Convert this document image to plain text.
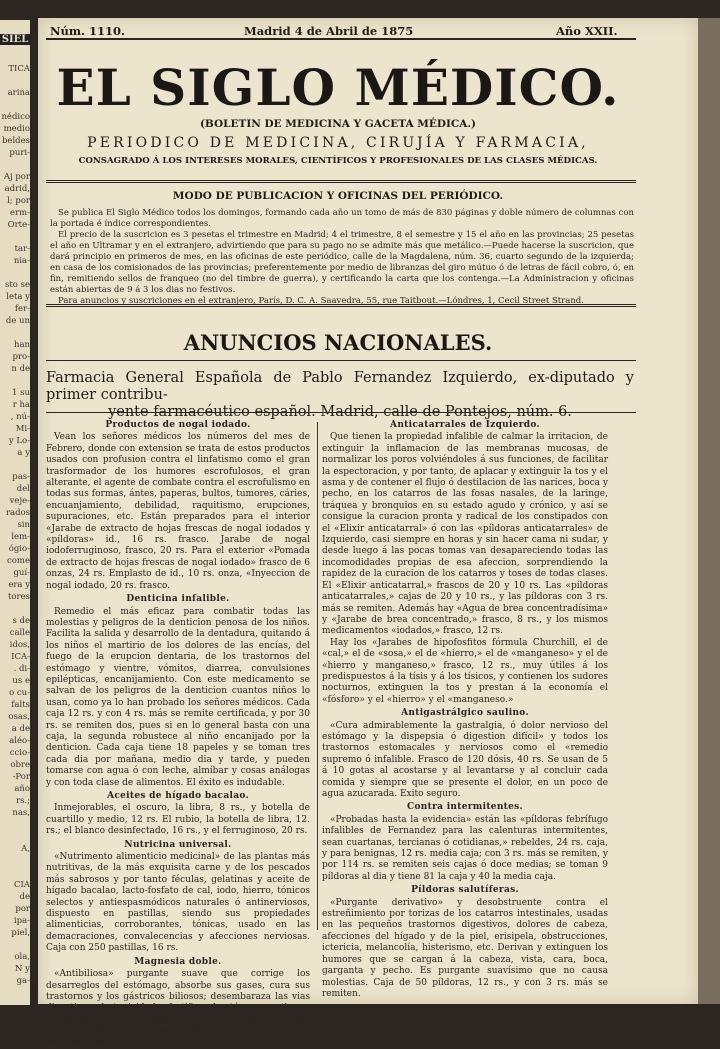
SIEL
TICA
arina
nédico
medio
beldes
puri-
Aj por
adrid,
l; por
erm-
Orte-
tar-
nia-
sto se
leta y
fer-
de un
han
pro-
n de
1 su
r ha
, nú-
Mi-
y Lo-
a y
pas-
del
veje-
rados
sin
lem-
ógio-
come
guí-
era y
tores
s de
calle
idos,
ICA-
. di-
us e
o cu-
falts
osas,
a de
aléo-
ccio-
obre
-Por
año
rs.;
nas,
A,
CIA
de
por
ipa-
piel,
ola,
N y
ga-
Núm. 1110.	Madrid 4 de Abril de 1875	Año XXII.
EL SIGLO MÉDICO.
(BOLETIN DE MEDICINA Y GACETA MÉDICA.)
PERIODICO DE MEDICINA, CIRUJÍA Y FARMACIA,
CONSAGRADO Á LOS INTERESES MORALES, CIENTÍFICOS Y PROFESIONALES DE LAS CLASES MÉDICAS.
MODO DE PUBLICACION Y OFICINAS DEL PERIÓDICO.

Se publica El Siglo Médico todos los domingos, formando cada año un tomo de más de 830 páginas y doble número de columnas con la portada é índice correspondientes.

El precio de la suscricion es 3 pesetas el trimestre en Madrid; 4 el trimestre, 8 el semestre y 15 el año en las provincias; 25 pesetas el año en Ultramar y en el extranjero, advirtiendo que para su pago no se admite más que metálico.—Puede hacerse la suscricion, que dará principio en primeros de mes, en las oficinas de este periódico, calle de la Magdalena, núm. 36, cuarto segundo de la izquierda; en casa de los comisionados de las provincias; preferentemente por medio de libranzas del giro mútuo ó de letras de fácil cobro, ó, en fin, remitiendo sellos de franqueo (no del timbre de guerra), y certificando la carta que los contenga.—La Administracion y oficinas están abiertas de 9 á 3 los dias no festivos.

Para anuncios y suscriciones en el extranjero, París, D. C. A. Saavedra, 55, rue Taitbout.—Lóndres, 1, Cecil Street Strand.

ANUNCIOS NACIONALES.

Farmacia General Española de Pablo Fernandez Izquierdo, ex-diputado y primer contribu-

yente farmacéutico español. Madrid, calle de Pontejos, núm. 6.

Productos de nogal iodado.

Vean los señores médicos los números del mes de Febrero, donde con extension se trata de estos productos usados con profusion contra el linfatismo como el gran trasformador de los humores escrofulosos, el gran alterante, el agente de combate contra el escrofulismo en todas sus formas, ántes, paperas, bultos, tumores, cáries, encuanjamiento, debilidad, raquitismo, erupciones, supuraciones, etc. Están preparados para el interior «Jarabe de extracto de hojas frescas de nogal iodados y «píldoras» id., 16 rs. frasco. Jarabe de nogal iodoferruginoso, frasco, 20 rs. Para el exterior «Pomada de extracto de hojas frescas de nogal iodado» frasco de 6 onzas, 24 rs. Emplasto de id., 10 rs. onza, «Inyeccion de nogal iodado, 20 rs. frasco.

Denticina infalible.

Remedio el más eficaz para combatir todas las molestias y peligros de la denticion penosa de los niños. Facilita la salida y desarrollo de la dentadura, quitando á los niños el martirio de los dolores de las encías, del fuego de la erupcion dentaria, de los trastornos del estómago y vientre, vómitos, diarrea, convulsiones epilépticas, encanijamiento. Con este medicamento se salvan de los peligros de la denticion cuantos niños lo usan, como ya lo han probado los señores médicos. Cada caja 12 rs. y con 4 rs. más se remite certificada, y por 30 rs. se remiten dos, pues si en lo general basta con una caja, la segunda robustece al niño encanijado por la denticion. Cada caja tiene 18 papeles y se toman tres cada dia por mañana, medio dia y tarde, y pueden tomarse con agua ó con leche, almíbar y cosas análogas y con toda clase de alimentos. El éxito es indudable.

Aceites de hígado bacalao.

Inmejorables, el oscuro, la libra, 8 rs., y botella de cuartillo y medio, 12 rs. El rubio, la botella de libra, 12. rs.; el blanco desinfectado, 16 rs., y el ferruginoso, 20 rs.

Nutricina universal.

«Nutrimento alimenticio medicinal» de las plantas más nutritivas, de la más exquisita carne y de los pescados más sabrosos y por tanto féculas, gelatinas y aceite de hígado bacalao, lacto-fosfato de cal, iodo, hierro, tónicos selectos y antiespasmódicos naturales ó antinerviosos, dispuesto en pastillas, siendo sus propiedades alimenticias, corroborantes, tónicas, usado en las demacraciones, convalecencias y afecciones nerviosas. Caja con 250 pastillas, 16 rs.

Magnesia doble.

«Antibiliosa» purgante suave que corrige los desarreglos del estómago, absorbe sus gases, cura sus trastornos y los gástricos biliosos; desembaraza las vias digestivas, da tonicidad y fortifica el estómago, extingue las acideces y las afecciones de cabeza, ruidos, mareos, jaquecas, flatos, digestiones difíciles, etc. Frasco con muchas dósis, 8 rs.

Anticatarrales de Izquierdo.

Que tienen la propiedad infalible de calmar la irritacion, de extinguir la inflamacion de las membranas mucosas, de normalizar los poros volviéndoles á sus funciones, de facilitar la espectoracion, y por tanto, de aplacar y extinguir la tos y el asma y de contener el flujo ó destilacion de las narices, boca y pecho, en los catarros de las fosas nasales, de la laringe, tráquea y bronquios en su estado agudo y crónico, y así se consigue la curacion pronta y radical de los constipados con el «Elixir anticatarral» ó con las «píldoras anticatarrales» de Izquierdo, casi siempre en horas y sin hacer cama ni sudar, y desde luego á las pocas tomas van desapareciendo todas las incomodidades propias de esa afeccion, sorprendiendo la rapidez de la curacion de los catarros y toses de todas clases. El «Elixir anticatarral,» frascos de 20 y 10 rs. Las «píldoras anticatarrales,» cajas de 20 y 10 rs., y las píldoras con 3 rs. más se remiten. Además hay «Agua de brea concentradísima» y «Jarabe de brea concentrado,» frasco, 8 rs., y los mismos medicamentos «iodados,» frasco, 12 rs.

Hay los «Jarabes de hipofosfitos fórmula Churchill, el de «cal,» el de «sosa,» el de «hierro,» el de «manganeso» y el de «hierro y manganeso,» frasco, 12 rs., muy útiles á los predispuestos á la tísis y á los tísicos, y contienen los sudores nocturnos, extinguen la tos y prestan á la economía el «fósforo» y el «hierro» y el «manganeso.»

Antigastrálgico saulino.

«Cura admirablemente la gastralgia, ó dolor nervioso del estómago y la dispepsia ó digestion difícil» y todos los trastornos estomacales y nerviosos como el «remedio supremo ó infalible. Frasco de 120 dósis, 40 rs. Se usan de 5 á 10 gotas al acostarse y al levantarse y al concluir cada comida y siempre que se presente el dolor, en un poco de agua azucarada. Exito seguro.

Contra intermitentes.

«Probadas hasta la evidencia» están las «píldoras febrífugo infalibles de Fernandez para las calenturas intermitentes, sean cuartanas, tercianas ó cotidianas,» rebeldes, 24 rs. caja, y para benignas, 12 rs. media caja; con 3 rs. más se remiten, y por 114 rs. se remiten seis cajas ó doce medias; se toman 9 píldoras al dia y tiene 81 la caja y 40 la media caja.

Píldoras salutíferas.

«Purgante derivativo» y desobstruente contra el estreñimiento por torizas de los catarros intestinales, usadas en las pequeños trastornos digestivos, dolores de cabeza, afecciones del hígado y de la piel, erisipela, obstrucciones, ictericia, melancolía, histerismo, etc. Derivan y extinguen los humores que se cargan á la cabeza, vista, cara, boca, garganta y pecho. Es purgante suavísimo que no causa molestias. Caja de 50 píldoras, 12 rs., y con 3 rs. más se remiten.
